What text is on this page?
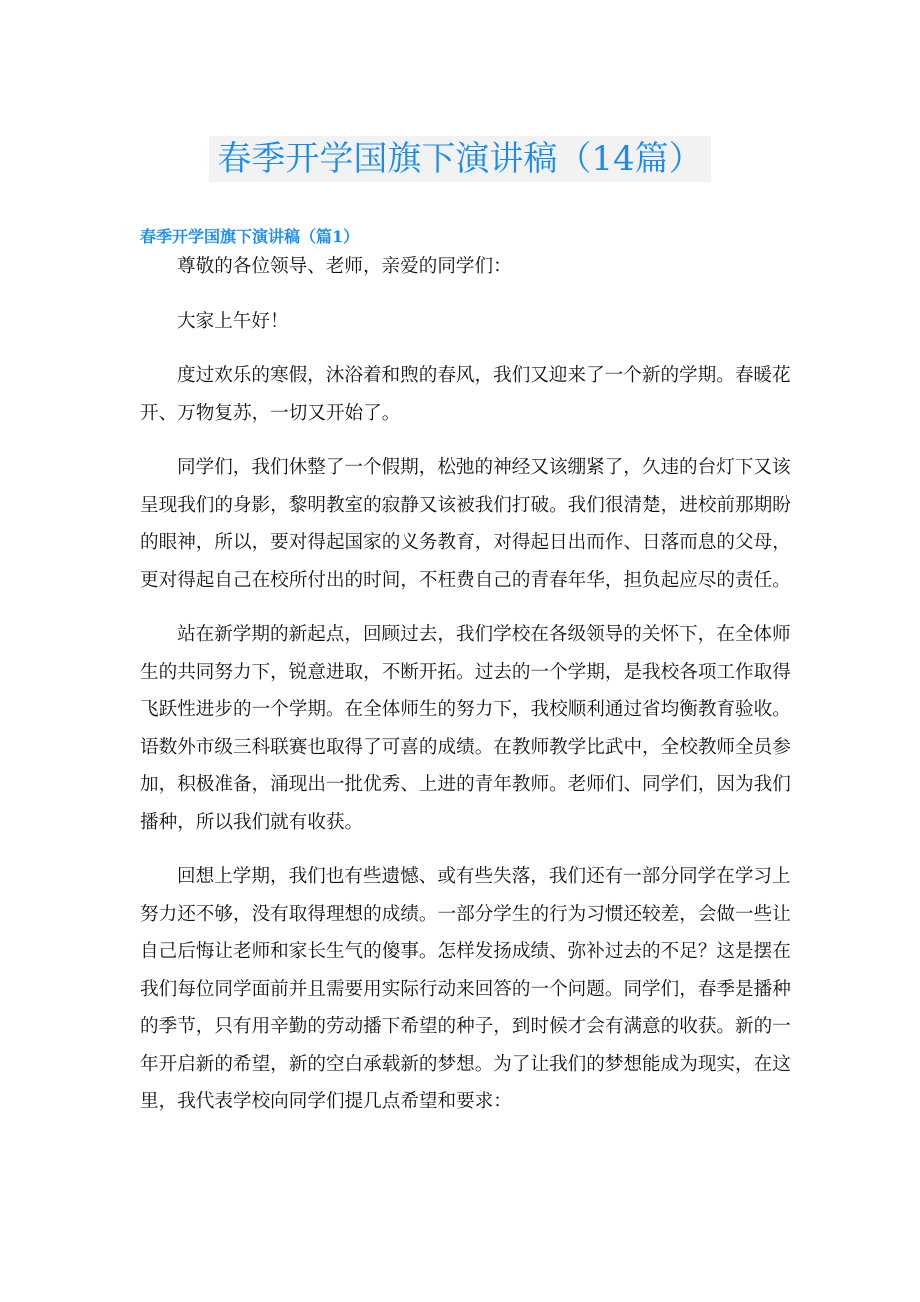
春季开学国旗下演讲稿（14篇）
春季开学国旗下演讲稿（篇1）
尊敬的各位领导、老师，亲爱的同学们：
大家上午好！
度过欢乐的寒假，沐浴着和煦的春风，我们又迎来了一个新的学期。春暖花
开、万物复苏，一切又开始了。
同学们，我们休整了一个假期，松弛的神经又该绷紧了，久违的台灯下又该
呈现我们的身影，黎明教室的寂静又该被我们打破。我们很清楚，进校前那期盼
的眼神，所以，要对得起国家的义务教育，对得起日出而作、日落而息的父母，
更对得起自己在校所付出的时间，不枉费自己的青春年华，担负起应尽的责任。
站在新学期的新起点，回顾过去，我们学校在各级领导的关怀下，在全体师
生的共同努力下，锐意进取，不断开拓。过去的一个学期，是我校各项工作取得
飞跃性进步的一个学期。在全体师生的努力下，我校顺利通过省均衡教育验收。
语数外市级三科联赛也取得了可喜的成绩。在教师教学比武中，全校教师全员参
加，积极准备，涌现出一批优秀、上进的青年教师。老师们、同学们，因为我们
播种，所以我们就有收获。
回想上学期，我们也有些遗憾、或有些失落，我们还有一部分同学在学习上
努力还不够，没有取得理想的成绩。一部分学生的行为习惯还较差，会做一些让
自己后悔让老师和家长生气的傻事。怎样发扬成绩、弥补过去的不足？这是摆在
我们每位同学面前并且需要用实际行动来回答的一个问题。同学们，春季是播种
的季节，只有用辛勤的劳动播下希望的种子，到时候才会有满意的收获。新的一
年开启新的希望，新的空白承载新的梦想。为了让我们的梦想能成为现实，在这
里，我代表学校向同学们提几点希望和要求：
